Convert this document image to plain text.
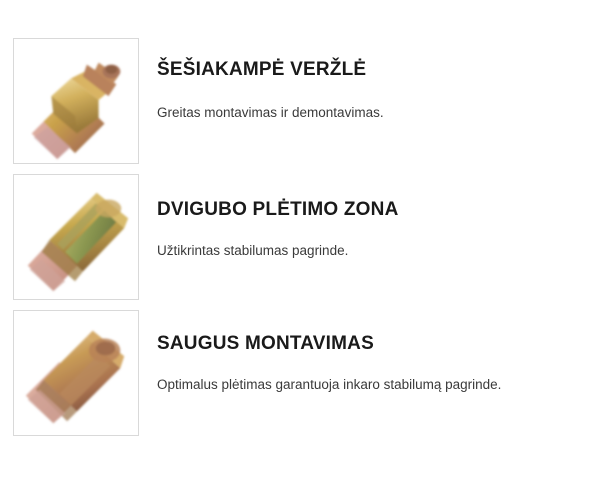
ŠEŠIAKAMPĖ VERŽLĖ

Greitas montavimas ir demontavimas.

DVIGUBO PLĖTIMO ZONA

Užtikrintas stabilumas pagrinde.

SAUGUS MONTAVIMAS

Optimalus plėtimas garantuoja inkaro stabilumą pagrinde.
